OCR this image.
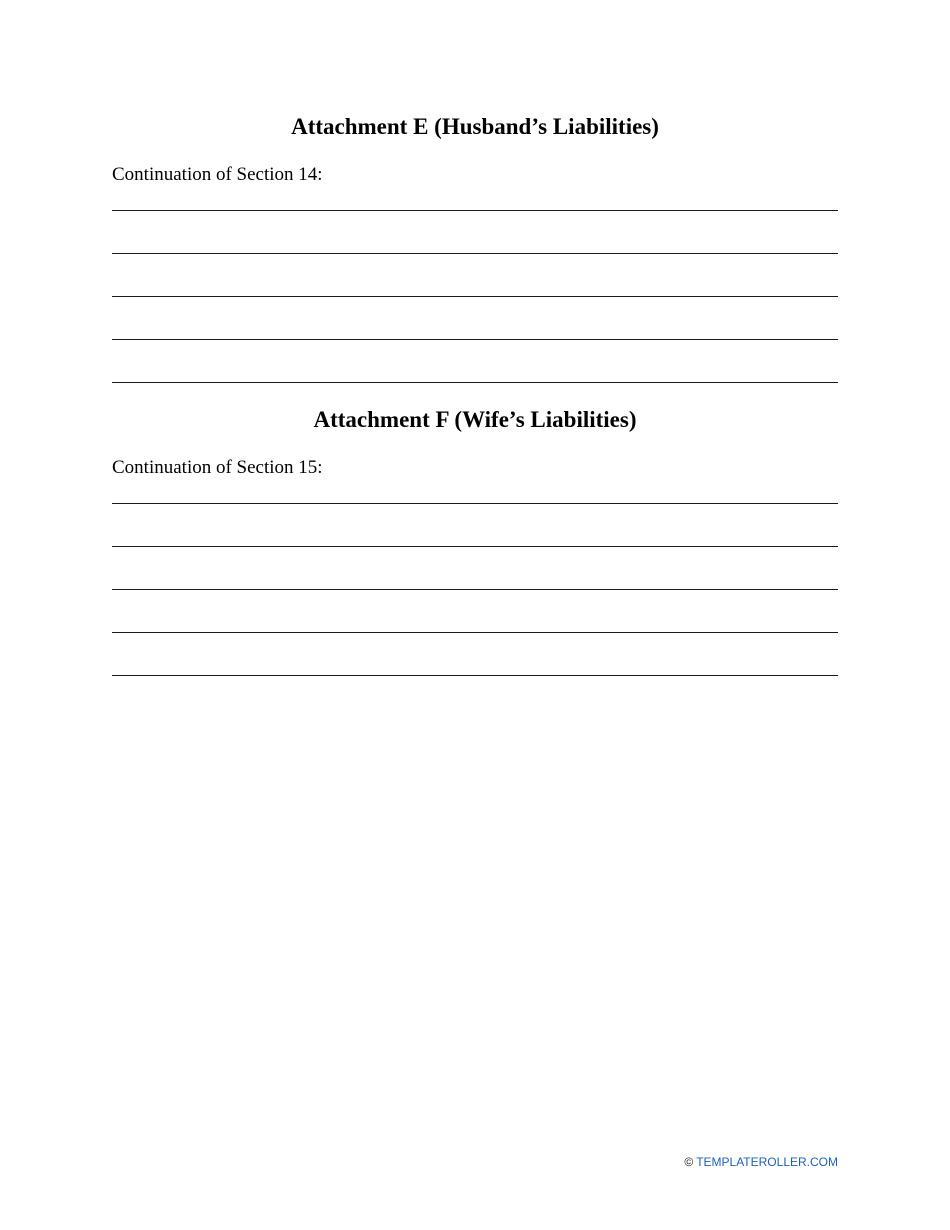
Attachment E (Husband’s Liabilities)

Continuation of Section 14:

Attachment F (Wife’s Liabilities)

Continuation of Section 15:

© TEMPLATEROLLER.COM
